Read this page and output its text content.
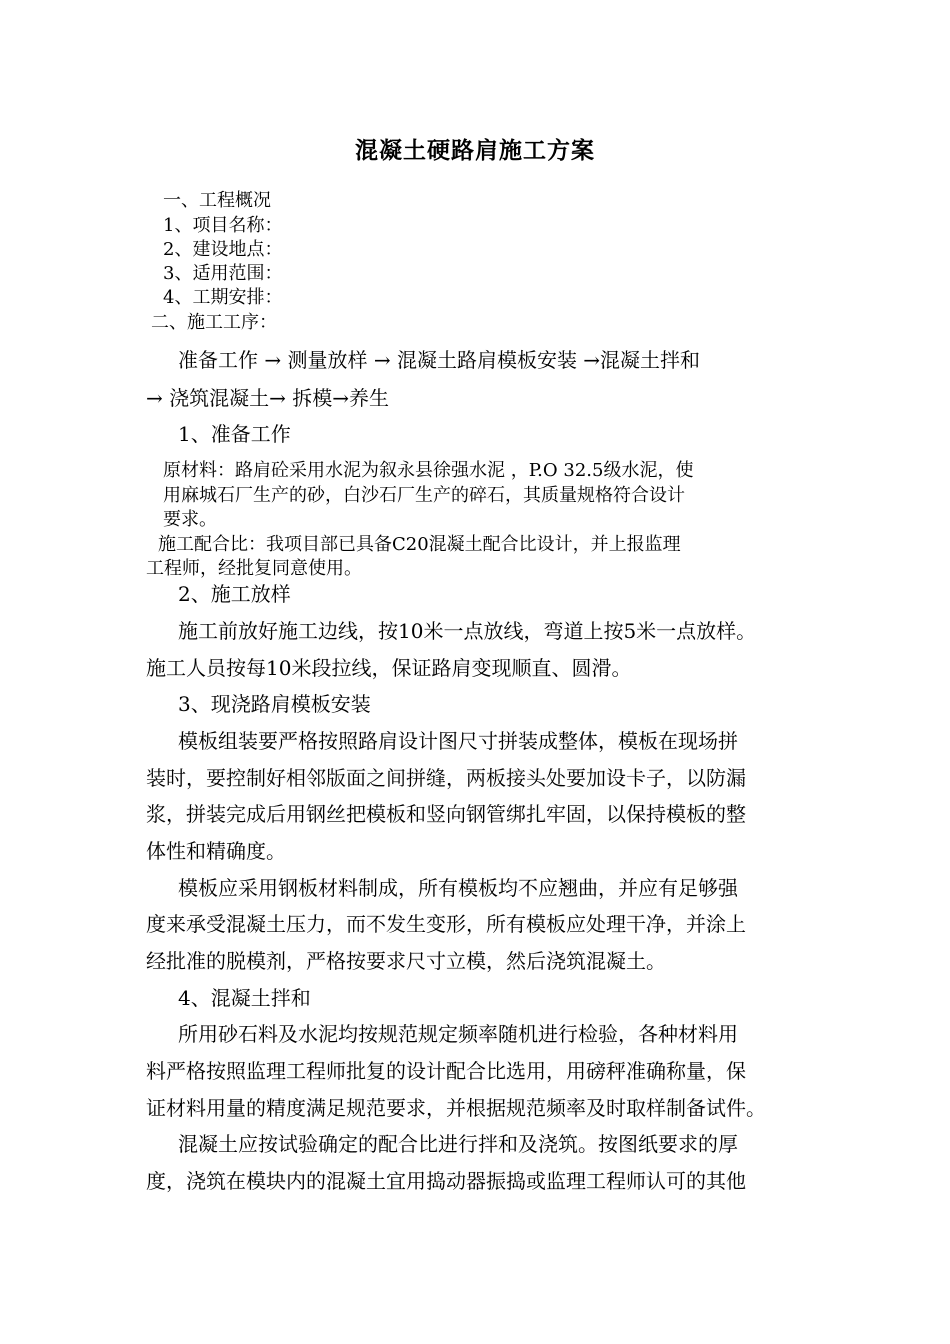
混凝土硬路肩施工方案
一、工程概况
1、项目名称：
2、建设地点：
3、适用范围：
4、工期安排：
二、施工工序：
准备工作 → 测量放样 → 混凝土路肩模板安装 →混凝土拌和
→ 浇筑混凝土→ 拆模→养生
1、准备工作
原材料：路肩砼采用水泥为叙永县徐强水泥 ，P.O 32.5级水泥，使
用麻城石厂生产的砂，白沙石厂生产的碎石，其质量规格符合设计
要求。
施工配合比：我项目部已具备C20混凝土配合比设计，并上报监理
工程师，经批复同意使用。
2、施工放样
施工前放好施工边线，按10米一点放线，弯道上按5米一点放样。
施工人员按每10米段拉线，保证路肩变现顺直、圆滑。
3、现浇路肩模板安装
模板组装要严格按照路肩设计图尺寸拼装成整体，模板在现场拼
装时，要控制好相邻版面之间拼缝，两板接头处要加设卡子，以防漏
浆，拼装完成后用钢丝把模板和竖向钢管绑扎牢固，以保持模板的整
体性和精确度。
模板应采用钢板材料制成，所有模板均不应翘曲，并应有足够强
度来承受混凝土压力，而不发生变形，所有模板应处理干净，并涂上
经批准的脱模剂，严格按要求尺寸立模，然后浇筑混凝土。
4、混凝土拌和
所用砂石料及水泥均按规范规定频率随机进行检验，各种材料用
料严格按照监理工程师批复的设计配合比选用，用磅秤准确称量，保
证材料用量的精度满足规范要求，并根据规范频率及时取样制备试件。
混凝土应按试验确定的配合比进行拌和及浇筑。按图纸要求的厚
度，浇筑在模块内的混凝土宜用捣动器振捣或监理工程师认可的其他
